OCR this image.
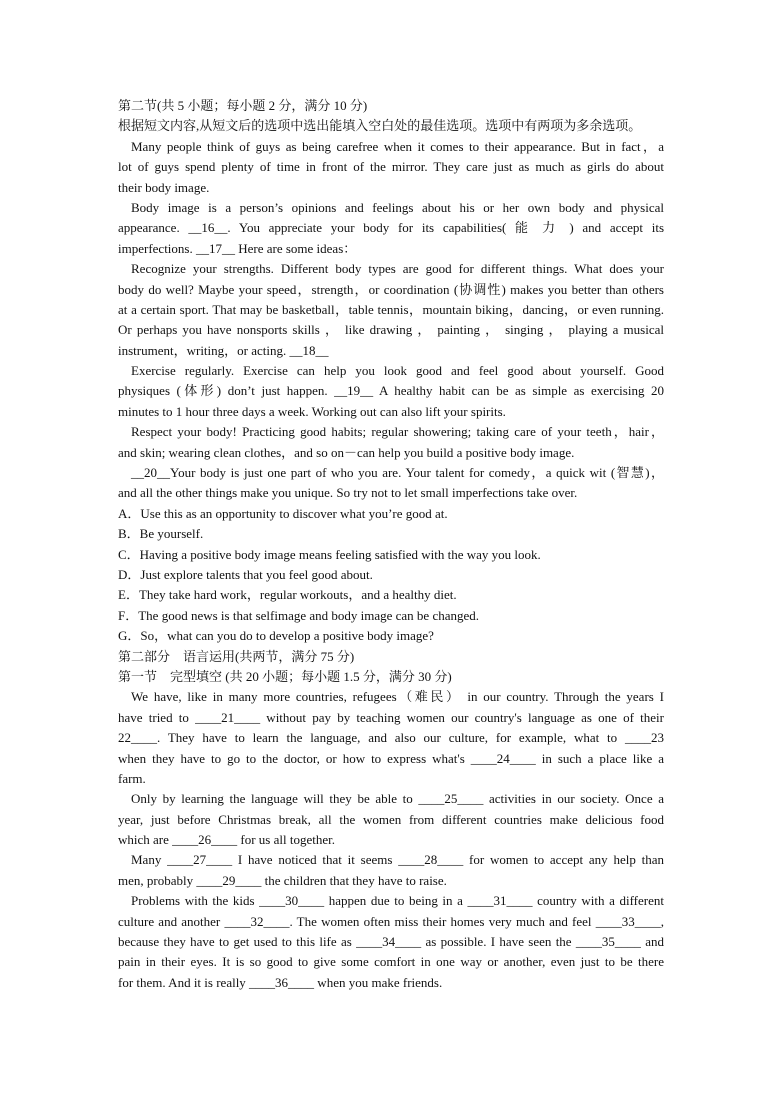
第二节(共 5 小题；每小题 2 分，满分 10 分)
根据短文内容,从短文后的选项中选出能填入空白处的最佳选项。选项中有两项为多余选项。
Many people think of guys as being carefree when it comes to their appearance. But in fact，a
lot of guys spend plenty of time in front of the mirror. They care just as much as girls do about
their body image.
Body image is a person’s opinions and feelings about his or her own body and physical
appearance. __16__. You appreciate your body for its capabilities( 能 力 ) and accept its
imperfections. __17__ Here are some ideas：
Recognize your strengths. Different body types are good for different things. What does your
body do well? Maybe your speed，strength，or coordination (协调性) makes you better than others
at a certain sport. That may be basketball，table tennis，mountain biking，dancing，or even running.
Or perhaps you have nonsports skills ， like drawing ， painting ， singing ， playing a musical
instrument，writing，or acting. __18__
Exercise regularly. Exercise can help you look good and feel good about yourself. Good
physiques (体形) don’t just happen. __19__ A healthy habit can be as simple as exercising 20
minutes to 1 hour three days a week. Working out can also lift your spirits.
Respect your body! Practicing good habits; regular showering; taking care of your teeth，hair，
and skin; wearing clean clothes，and so on－can help you build a positive body image.
__20__Your body is just one part of who you are. Your talent for comedy，a quick wit (智慧)，
and all the other things make you unique. So try not to let small imperfections take over.
A．Use this as an opportunity to discover what you’re good at.
B．Be yourself.
C．Having a positive body image means feeling satisfied with the way you look.
D．Just explore talents that you feel good about.
E．They take hard work，regular workouts，and a healthy diet.
F．The good news is that selfimage and body image can be changed.
G．So，what can you do to develop a positive body image?
第二部分　语言运用(共两节，满分 75 分)
第一节　完型填空 (共 20 小题；每小题 1.5 分，满分 30 分)
We have, like in many more countries, refugees（难民） in our country. Through the years I
have tried to ____21____ without pay by teaching women our country's language as one of their
22____. They have to learn the language, and also our culture, for example, what to ____23
when they have to go to the doctor, or how to express what's ____24____ in such a place like a
farm.
Only by learning the language will they be able to ____25____ activities in our society. Once a
year, just before Christmas break, all the women from different countries make delicious food
which are ____26____ for us all together.
Many ____27____ I have noticed that it seems ____28____ for women to accept any help than
men, probably ____29____ the children that they have to raise.
Problems with the kids ____30____ happen due to being in a ____31____ country with a different
culture and another ____32____. The women often miss their homes very much and feel ____33____,
because they have to get used to this life as ____34____ as possible. I have seen the ____35____ and
pain in their eyes. It is so good to give some comfort in one way or another, even just to be there
for them. And it is really ____36____ when you make friends.
